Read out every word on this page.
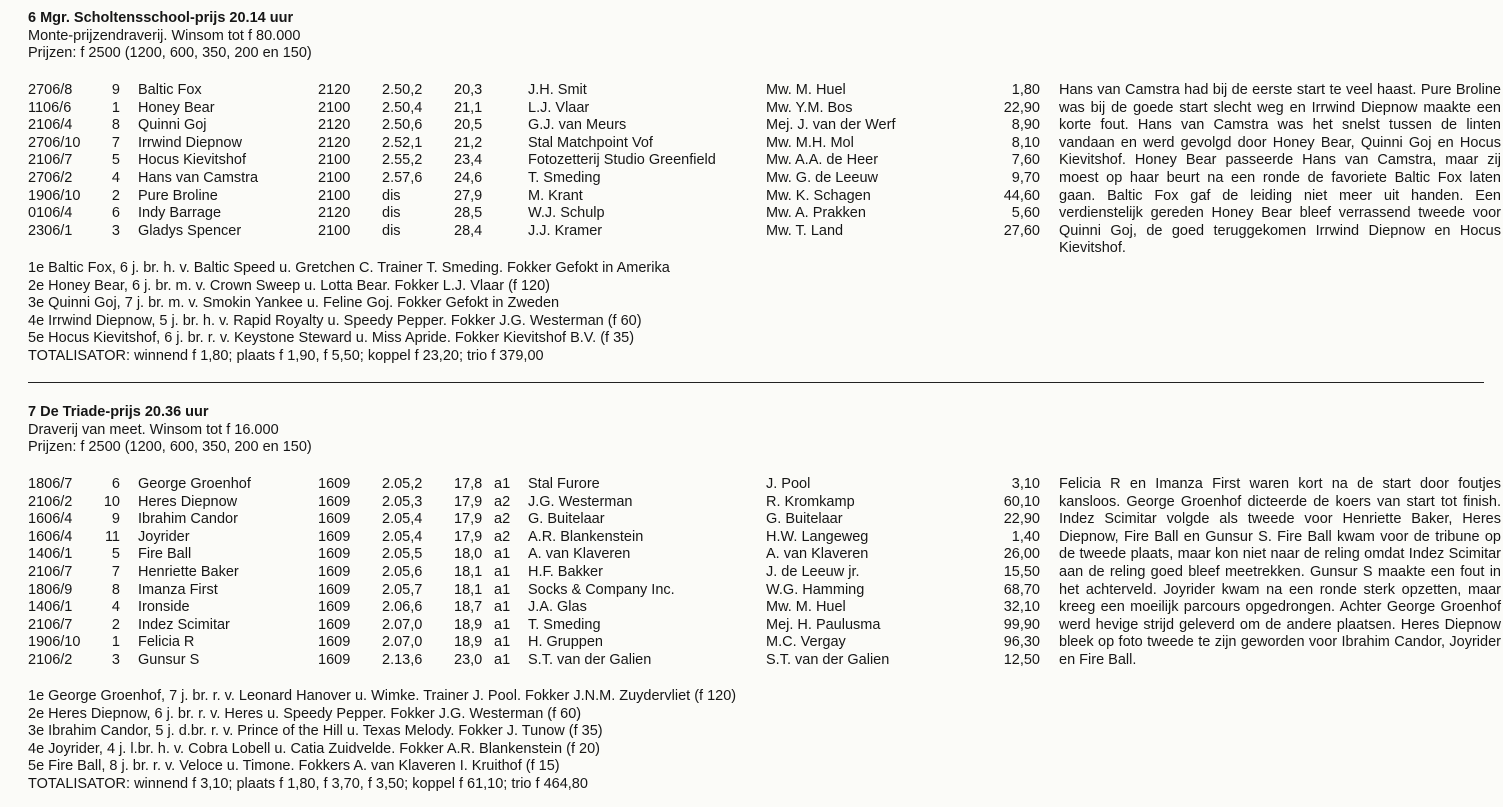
6 Mgr. Scholtensschool-prijs 20.14 uur
Monte-prijzendraverij. Winsom tot f 80.000
Prijzen: f 2500 (1200, 600, 350, 200 en 150)
2706/8	9 Baltic Fox	2120 2.50,2 20,3	J.H. Smit	Mw. M. Huel	1,80
1106/6	1 Honey Bear	2100 2.50,4 21,1	L.J. Vlaar	Mw. Y.M. Bos	22,90
2106/4	8 Quinni Goj	2120 2.50,6 20,5	G.J. van Meurs	Mej. J. van der Werf	8,90
2706/10	7 Irrwind Diepnow	2120 2.52,1 21,2	Stal Matchpoint Vof	Mw. M.H. Mol	8,10
2106/7	5 Hocus Kievitshof	2100 2.55,2 23,4	Fotozetterij Studio Greenfield	Mw. A.A. de Heer	7,60
2706/2	4 Hans van Camstra	2100 2.57,6 24,6	T. Smeding	Mw. G. de Leeuw	9,70
1906/10	2 Pure Broline	2100 dis	27,9	M. Krant	Mw. K. Schagen	44,60
0106/4	6 Indy Barrage	2120 dis	28,5	W.J. Schulp	Mw. A. Prakken	5,60
2306/1	3 Gladys Spencer	2100 dis	28,4	J.J. Kramer	Mw. T. Land	27,60
Hans van Camstra had bij de eerste start te veel haast. Pure Broline was bij de goede start slecht weg en Irrwind Diepnow maakte een korte fout. Hans van Camstra was het snelst tussen de linten vandaan en werd gevolgd door Honey Bear, Quinni Goj en Hocus Kievitshof. Honey Bear passeerde Hans van Camstra, maar zij moest op haar beurt na een ronde de favoriete Baltic Fox laten gaan. Baltic Fox gaf de leiding niet meer uit handen. Een verdienstelijk gereden Honey Bear bleef verrassend tweede voor Quinni Goj, de goed teruggekomen Irrwind Diepnow en Hocus Kievitshof.
1e Baltic Fox, 6 j. br. h. v. Baltic Speed u. Gretchen C. Trainer T. Smeding. Fokker Gefokt in Amerika
2e Honey Bear, 6 j. br. m. v. Crown Sweep u. Lotta Bear. Fokker L.J. Vlaar (f 120)
3e Quinni Goj, 7 j. br. m. v. Smokin Yankee u. Feline Goj. Fokker Gefokt in Zweden
4e Irrwind Diepnow, 5 j. br. h. v. Rapid Royalty u. Speedy Pepper. Fokker J.G. Westerman (f 60)
5e Hocus Kievitshof, 6 j. br. r. v. Keystone Steward u. Miss Apride. Fokker Kievitshof B.V. (f 35)
TOTALISATOR: winnend f 1,80; plaats f 1,90, f 5,50; koppel f 23,20; trio f 379,00
7 De Triade-prijs 20.36 uur
Draverij van meet. Winsom tot f 16.000
Prijzen: f 2500 (1200, 600, 350, 200 en 150)
1806/7	6 George Groenhof	1609 2.05,2 17,8 a1 Stal Furore	J. Pool	3,10
2106/2	10 Heres Diepnow	1609 2.05,3 17,9 a2 J.G. Westerman	R. Kromkamp	60,10
1606/4	9 Ibrahim Candor	1609 2.05,4 17,9 a2 G. Buitelaar	G. Buitelaar	22,90
1606/4	11 Joyrider	1609 2.05,4 17,9 a2 A.R. Blankenstein	H.W. Langeweg	1,40
1406/1	5 Fire Ball	1609 2.05,5 18,0 a1 A. van Klaveren	A. van Klaveren	26,00
2106/7	7 Henriette Baker	1609 2.05,6 18,1 a1 H.F. Bakker	J. de Leeuw jr.	15,50
1806/9	8 Imanza First	1609 2.05,7 18,1 a1 Socks & Company Inc.	W.G. Hamming	68,70
1406/1	4 Ironside	1609 2.06,6 18,7 a1 J.A. Glas	Mw. M. Huel	32,10
2106/7	2 Indez Scimitar	1609 2.07,0 18,9 a1 T. Smeding	Mej. H. Paulusma	99,90
1906/10	1 Felicia R	1609 2.07,0 18,9 a1 H. Gruppen	M.C. Vergay	96,30
2106/2	3 Gunsur S	1609 2.13,6 23,0 a1 S.T. van der Galien	S.T. van der Galien	12,50
Felicia R en Imanza First waren kort na de start door foutjes kansloos. George Groenhof dicteerde de koers van start tot finish. Indez Scimitar volgde als tweede voor Henriette Baker, Heres Diepnow, Fire Ball en Gunsur S. Fire Ball kwam voor de tribune op de tweede plaats, maar kon niet naar de reling omdat Indez Scimitar aan de reling goed bleef meetrekken. Gunsur S maakte een fout in het achterveld. Joyrider kwam na een ronde sterk opzetten, maar kreeg een moeilijk parcours opgedrongen. Achter George Groenhof werd hevige strijd geleverd om de andere plaatsen. Heres Diepnow bleek op foto tweede te zijn geworden voor Ibrahim Candor, Joyrider en Fire Ball.
1e George Groenhof, 7 j. br. r. v. Leonard Hanover u. Wimke. Trainer J. Pool. Fokker J.N.M. Zuydervliet (f 120)
2e Heres Diepnow, 6 j. br. r. v. Heres u. Speedy Pepper. Fokker J.G. Westerman (f 60)
3e Ibrahim Candor, 5 j. d.br. r. v. Prince of the Hill u. Texas Melody. Fokker J. Tunow (f 35)
4e Joyrider, 4 j. l.br. h. v. Cobra Lobell u. Catia Zuidvelde. Fokker A.R. Blankenstein (f 20)
5e Fire Ball, 8 j. br. r. v. Veloce u. Timone. Fokkers A. van Klaveren I. Kruithof (f 15)
TOTALISATOR: winnend f 3,10; plaats f 1,80, f 3,70, f 3,50; koppel f 61,10; trio f 464,80
